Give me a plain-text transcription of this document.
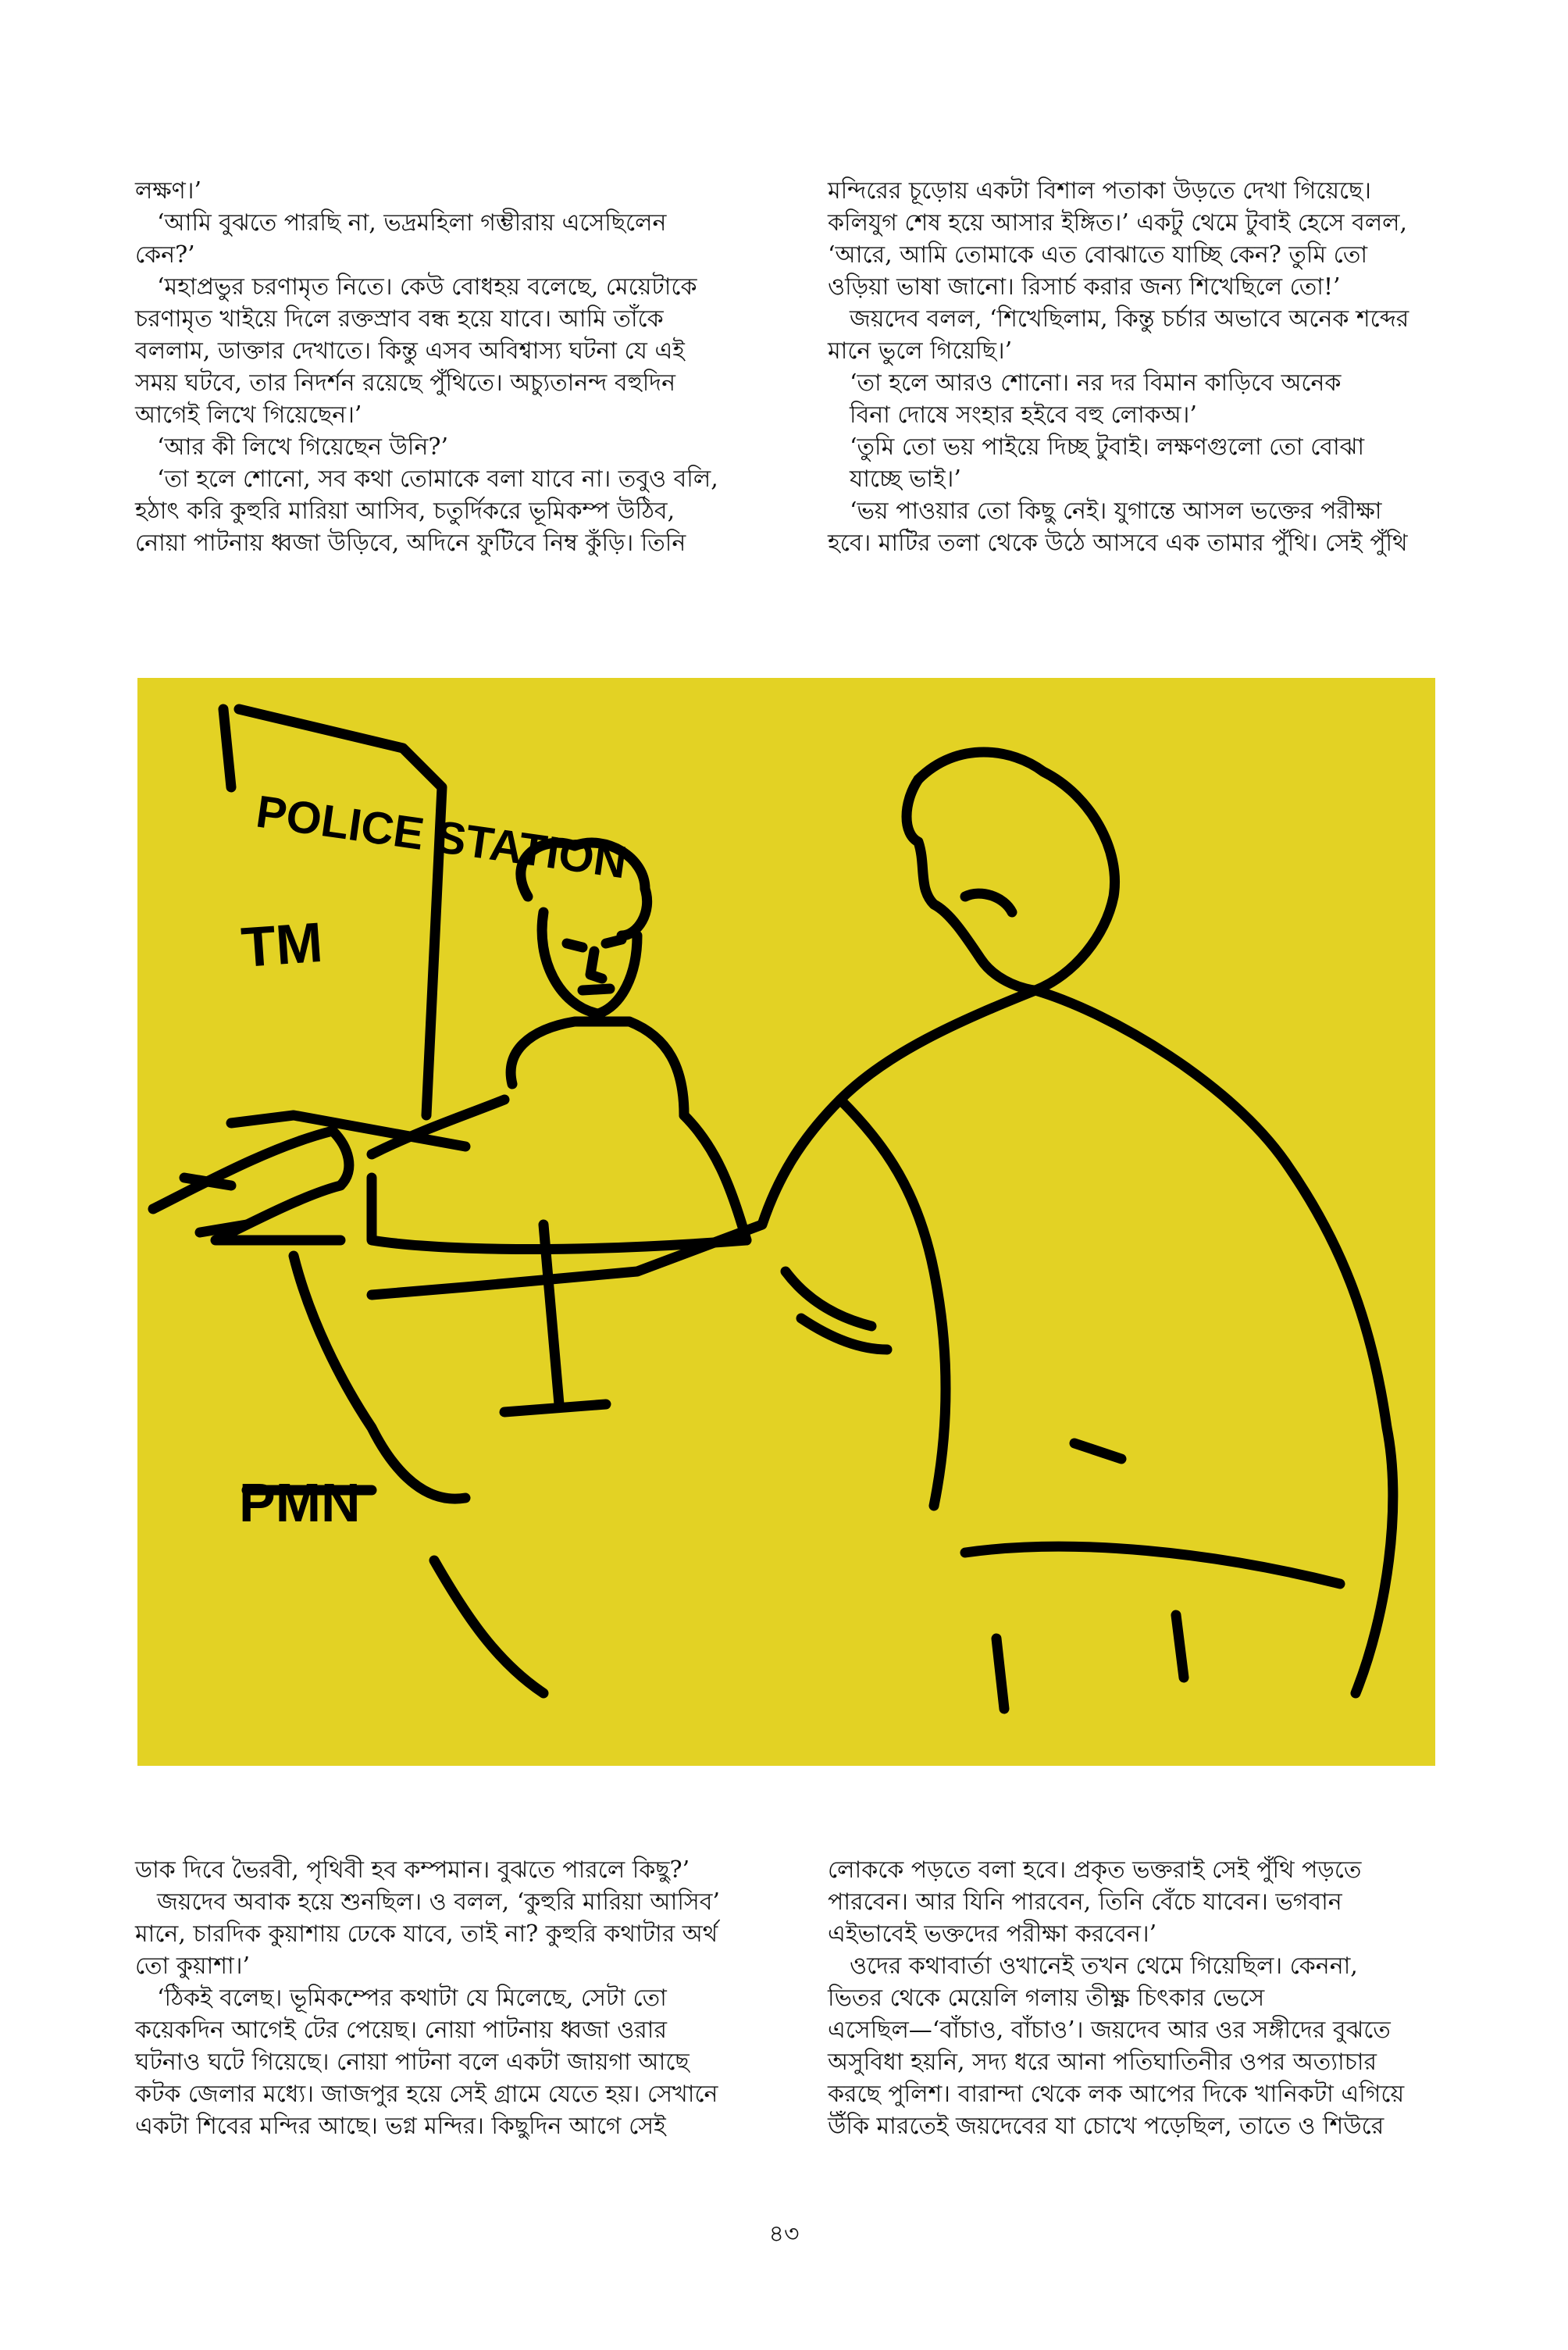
লক্ষণ।’
‘আমি বুঝতে পারছি না, ভদ্রমহিলা গম্ভীরায় এসেছিলেন
কেন?’
‘মহাপ্রভুর চরণামৃত নিতে। কেউ বোধহয় বলেছে, মেয়েটাকে
চরণামৃত খাইয়ে দিলে রক্তস্রাব বন্ধ হয়ে যাবে। আমি তাঁকে
বললাম, ডাক্তার দেখাতে। কিন্তু এসব অবিশ্বাস্য ঘটনা যে এই
সময় ঘটবে, তার নিদর্শন রয়েছে পুঁথিতে। অচ্যুতানন্দ বহুদিন
আগেই লিখে গিয়েছেন।’
‘আর কী লিখে গিয়েছেন উনি?’
‘তা হলে শোনো, সব কথা তোমাকে বলা যাবে না। তবুও বলি,
হঠাৎ করি কুহুরি মারিয়া আসিব, চতুর্দিকরে ভূমিকম্প উঠিব,
নোয়া পাটনায় ধ্বজা উড়িবে, অদিনে ফুটিবে নিম্ব কুঁড়ি। তিনি
মন্দিরের চূড়োয় একটা বিশাল পতাকা উড়তে দেখা গিয়েছে।
কলিযুগ শেষ হয়ে আসার ইঙ্গিত।’ একটু থেমে টুবাই হেসে বলল,
‘আরে, আমি তোমাকে এত বোঝাতে যাচ্ছি কেন? তুমি তো
ওড়িয়া ভাষা জানো। রিসার্চ করার জন্য শিখেছিলে তো!’
জয়দেব বলল, ‘শিখেছিলাম, কিন্তু চর্চার অভাবে অনেক শব্দের
মানে ভুলে গিয়েছি।’
‘তা হলে আরও শোনো। নর দর বিমান কাড়িবে অনেক
বিনা দোষে সংহার হইবে বহু লোকঅ।’
‘তুমি তো ভয় পাইয়ে দিচ্ছ টুবাই। লক্ষণগুলো তো বোঝা
যাচ্ছে ভাই।’
‘ভয় পাওয়ার তো কিছু নেই। যুগান্তে আসল ভক্তের পরীক্ষা
হবে। মাটির তলা থেকে উঠে আসবে এক তামার পুঁথি। সেই পুঁথি
POLICE STATION
TM
PMN
ডাক দিবে ভৈরবী, পৃথিবী হব কম্পমান। বুঝতে পারলে কিছু?’
জয়দেব অবাক হয়ে শুনছিল। ও বলল, ‘কুহুরি মারিয়া আসিব’
মানে, চারদিক কুয়াশায় ঢেকে যাবে, তাই না? কুহুরি কথাটার অর্থ
তো কুয়াশা।’
‘ঠিকই বলেছ। ভূমিকম্পের কথাটা যে মিলেছে, সেটা তো
কয়েকদিন আগেই টের পেয়েছ। নোয়া পাটনায় ধ্বজা ওরার
ঘটনাও ঘটে গিয়েছে। নোয়া পাটনা বলে একটা জায়গা আছে
কটক জেলার মধ্যে। জাজপুর হয়ে সেই গ্রামে যেতে হয়। সেখানে
একটা শিবের মন্দির আছে। ভগ্ন মন্দির। কিছুদিন আগে সেই
লোককে পড়তে বলা হবে। প্রকৃত ভক্তরাই সেই পুঁথি পড়তে
পারবেন। আর যিনি পারবেন, তিনি বেঁচে যাবেন। ভগবান
এইভাবেই ভক্তদের পরীক্ষা করবেন।’
ওদের কথাবার্তা ওখানেই তখন থেমে গিয়েছিল। কেননা,
ভিতর থেকে মেয়েলি গলায় তীক্ষ্ণ চিৎকার ভেসে
এসেছিল—‘বাঁচাও, বাঁচাও’। জয়দেব আর ওর সঙ্গীদের বুঝতে
অসুবিধা হয়নি, সদ্য ধরে আনা পতিঘাতিনীর ওপর অত্যাচার
করছে পুলিশ। বারান্দা থেকে লক আপের দিকে খানিকটা এগিয়ে
উঁকি মারতেই জয়দেবের যা চোখে পড়েছিল, তাতে ও শিউরে
৪৩
